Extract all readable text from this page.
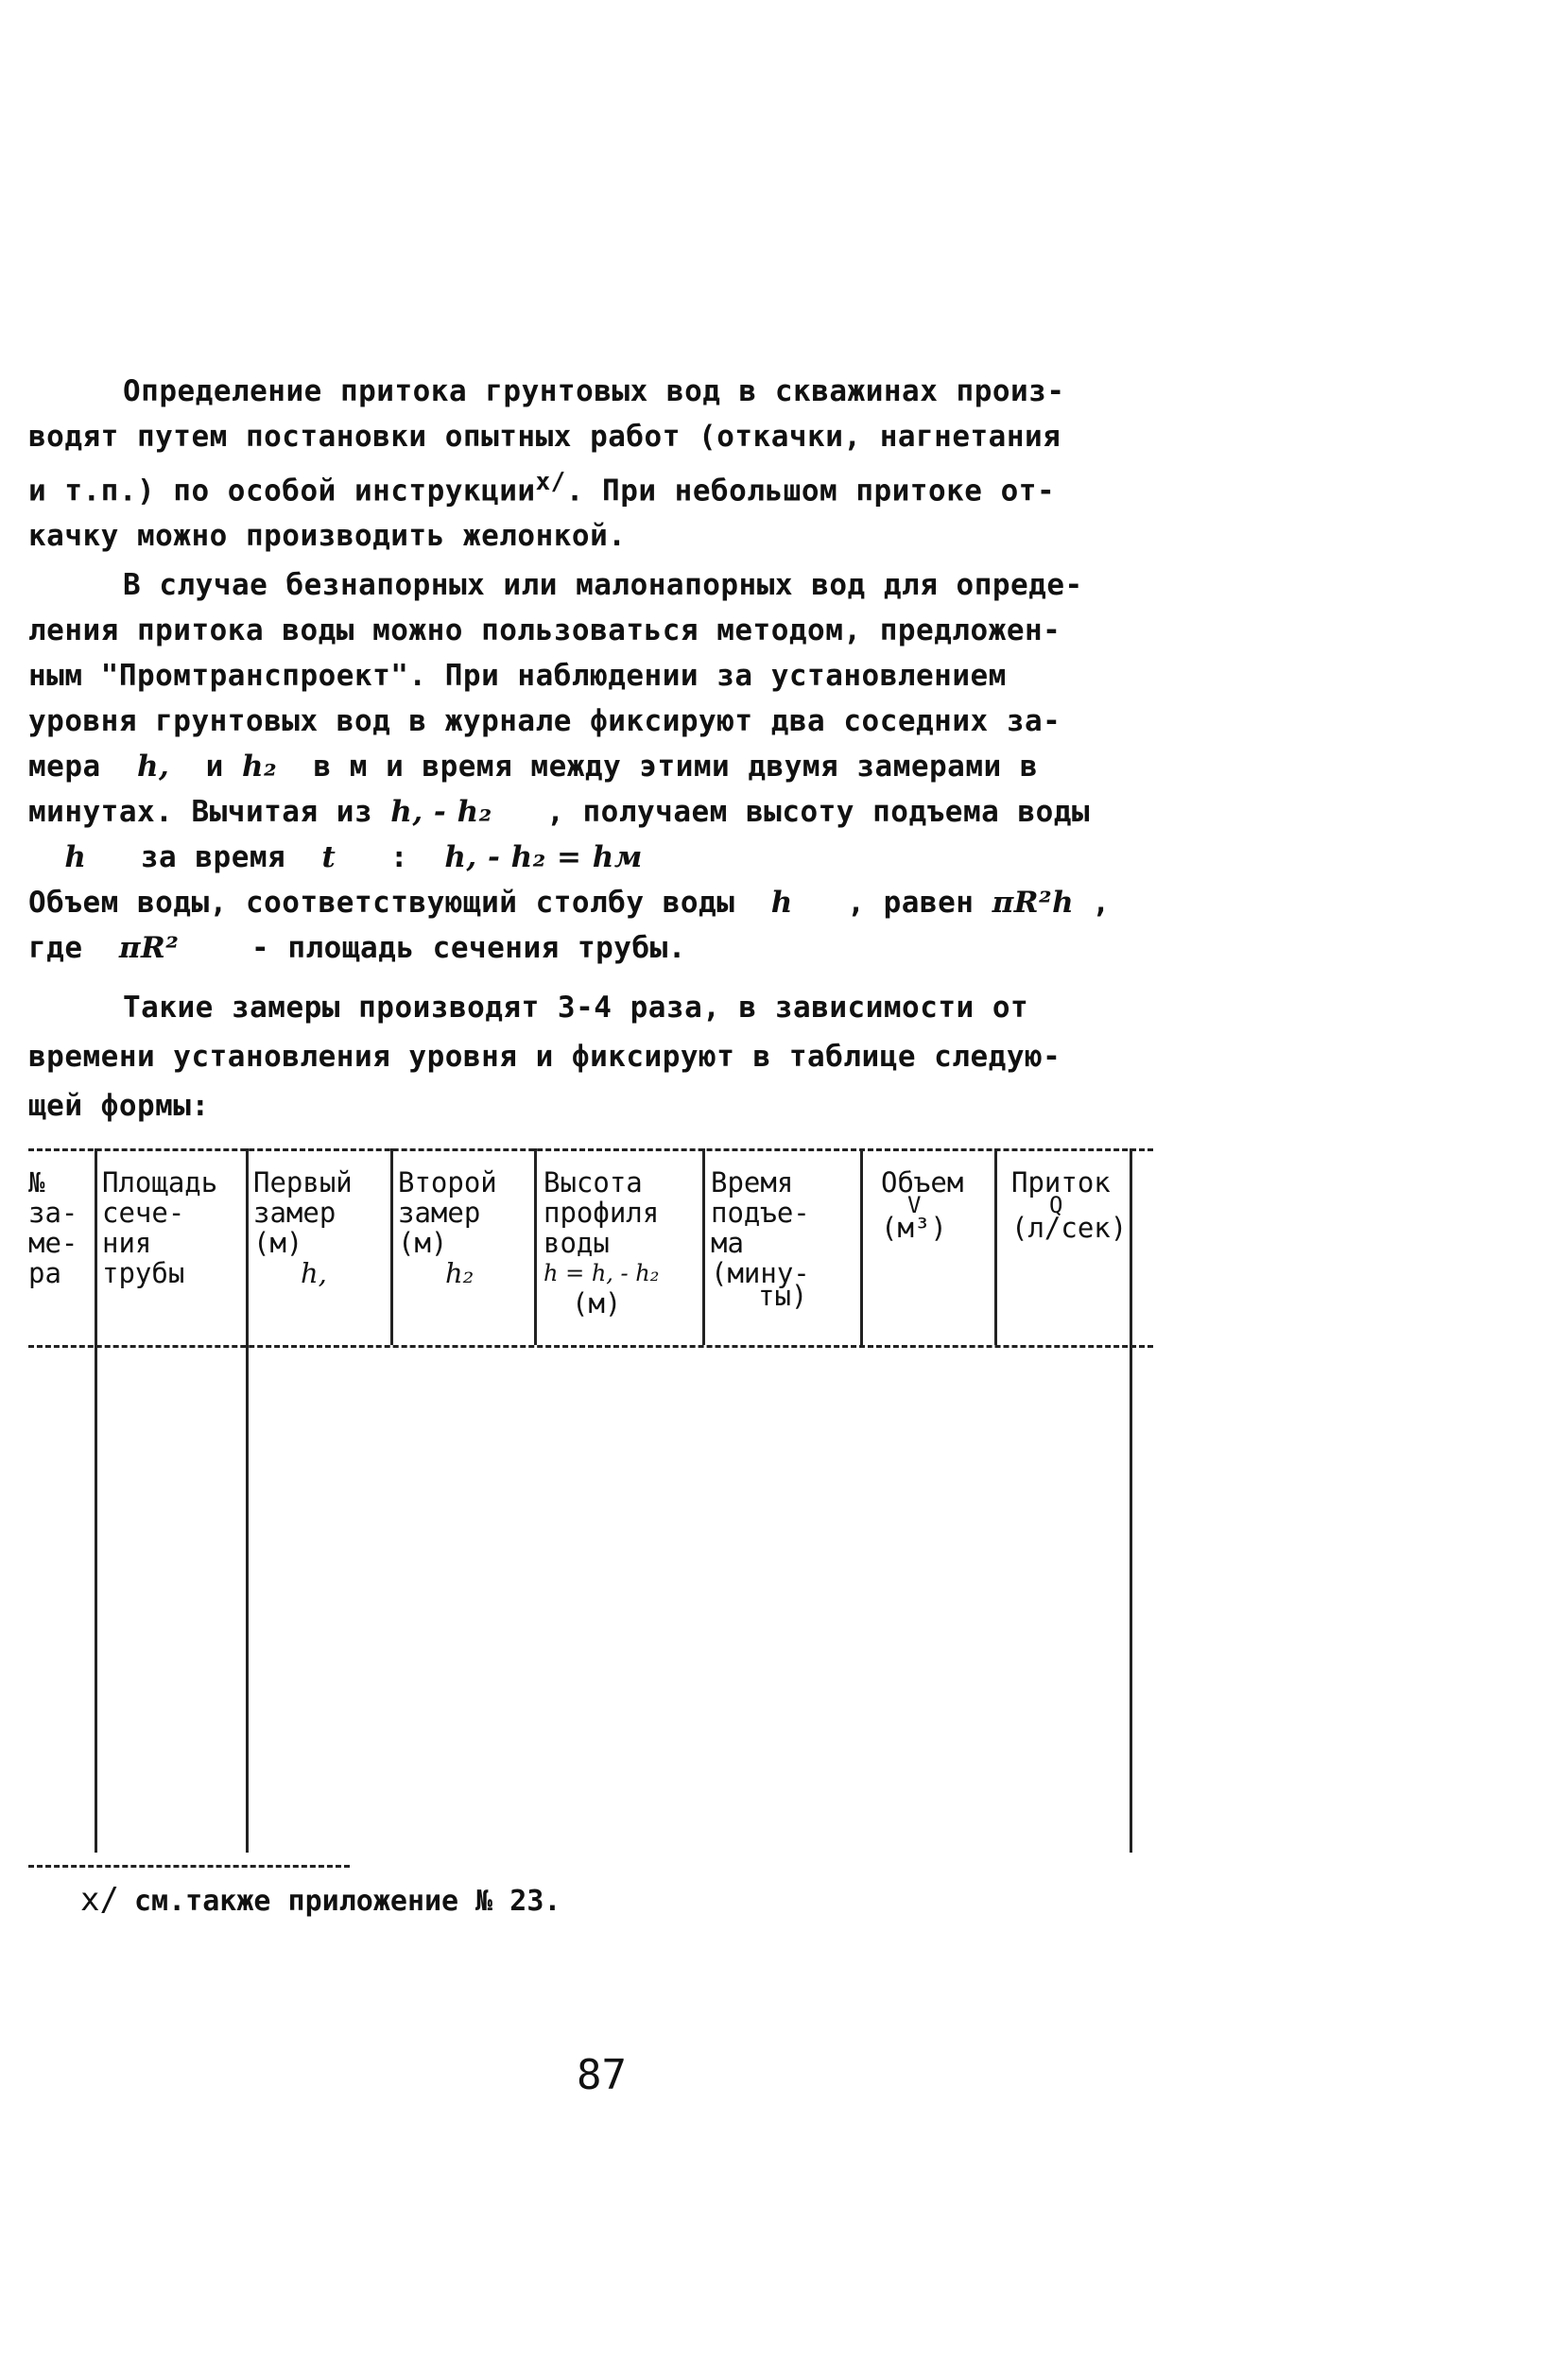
Определение притока грунтовых вод в скважинах произ-
водят путем постановки опытных работ (откачки, нагнетания
и т.п.) по особой инструкции$^{x/}$. При небольшом притоке от-
качку можно производить желонкой.
В случае безнапорных или малонапорных вод для опреде-
ления притока воды можно пользоваться методом, предложен-
ным "Промтранспроект". При наблюдении за установлением
уровня грунтовых вод в журнале фиксируют два соседних за-
мера h, и h₂ в м и время между этими двумя замерами в
минутах. Вычитая из h, - h₂ , получаем высоту подъема воды
h за время t : h, - h₂ = hм
Объем воды, соответствующий столбу воды h , равен πR²h ,
где πR² - площадь сечения трубы.
Такие замеры производят 3-4 раза, в зависимости от
времени установления уровня и фиксируют в таблице следую-
щей формы:
№
за-
ме-
ра
Площадь
сече-
ния
трубы
Первый
замер
(м)
h,
Второй
замер
(м)
h₂
Высота
профиля
воды
h = h, - h₂
(м)
Время
подъе-
ма
(мину-
ты)
Объем
V
(м³)
Приток
Q
(л/сек)
x/ см.также приложение № 23.
87
